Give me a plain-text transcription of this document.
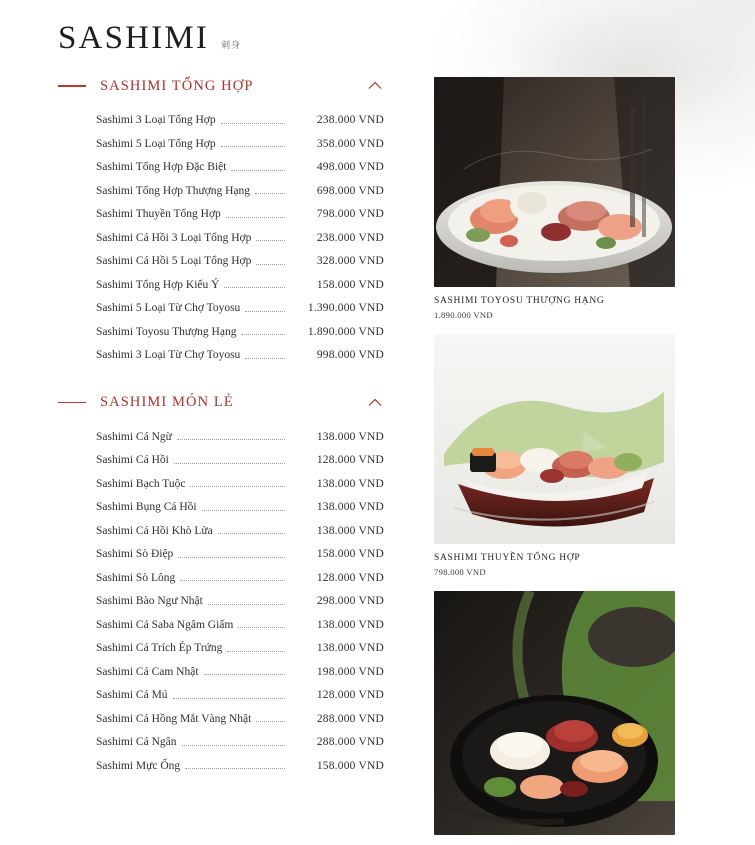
SASHIMI 刺身
SASHIMI TỔNG HỢP
Sashimi 3 Loại Tổng Hợp	238.000 VND
Sashimi 5 Loại Tổng Hợp	358.000 VND
Sashimi Tổng Hợp Đặc Biệt	498.000 VND
Sashimi Tổng Hợp Thượng Hạng	698.000 VND
Sashimi Thuyền Tổng Hợp	798.000 VND
Sashimi Cá Hồi 3 Loại Tổng Hợp	238.000 VND
Sashimi Cá Hồi 5 Loại Tổng Hợp	328.000 VND
Sashimi Tổng Hợp Kiểu Ý	158.000 VND
Sashimi 5 Loại Từ Chợ Toyosu	1.390.000 VND
Sashimi Toyosu Thượng Hạng	1.890.000 VND
Sashimi 3 Loại Từ Chợ Toyosu	998.000 VND
SASHIMI MÓN LẺ
Sashimi Cá Ngừ	138.000 VND
Sashimi Cá Hồi	128.000 VND
Sashimi Bạch Tuộc	138.000 VND
Sashimi Bụng Cá Hồi	138.000 VND
Sashimi Cá Hồi Khò Lửa	138.000 VND
Sashimi Sò Điệp	158.000 VND
Sashimi Sò Lông	128.000 VND
Sashimi Bào Ngư Nhật	298.000 VND
Sashimi Cá Saba Ngâm Giấm	138.000 VND
Sashimi Cá Trích Ép Trứng	138.000 VND
Sashimi Cá Cam Nhật	198.000 VND
Sashimi Cá Mú	128.000 VND
Sashimi Cá Hồng Mắt Vàng Nhật	288.000 VND
Sashimi Cá Ngân	288.000 VND
Sashimi Mực Ống	158.000 VND
SASHIMI TOYOSU THƯỢNG HẠNG
1.890.000 VND
SASHIMI THUYỀN TỔNG HỢP
798.000 VND
